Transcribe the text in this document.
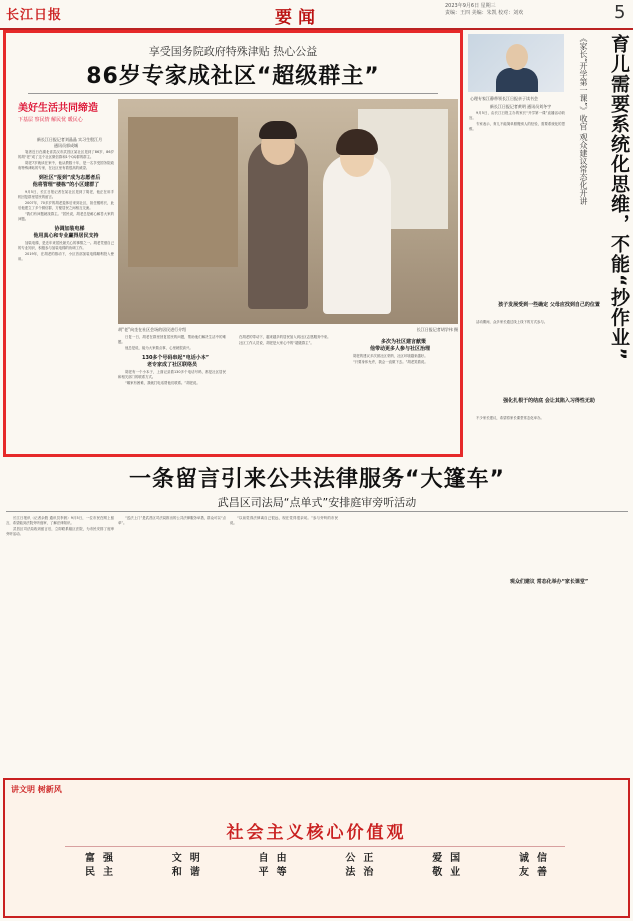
长江日报	要闻
2023年9月6日 星期三
责编：王四 美编：朱凯 校对：刘欢	5
享受国务院政府特殊津贴 热心公益
86岁专家成社区“超级群主”
美好生活共同缔造
下基层 察民情 解民忧 暖民心

新长江日报记者刘晶晶 实习生殷江月
通讯员郭成城

笔者近日在湖北省武汉市武昌区某社区见到了86岁、86岁的胡“老”成了这个社区微信群和1个QQ群的群主。

胡老7岁就读在家中，他从教数十年，是一名享受国务院政府特殊津贴的专家，在社区里有着很高的威望。

到社区“报到”成为志愿者后
他将管理“楼栋”的小区建群了

9月5日，长江日报记者在某社区见到了胡老，他正在用手机回复群里居民的留言。

2007年，70多岁的胡老退休后来到社区，担任楼栋长，此后他建立了多个微信群，方便居民之间相互交流。

“我们有问题就找群主。”居民说，胡老总是耐心解答大家的问题。

协调加装电梯
他用真心和专业赢得居民支持

加装电梯，是近年来居民最关心的事情之一。胡老凭借自己的专业知识，积极参与加装电梯的协调工作。

2019年，在胡老的推动下，小区首部加装电梯顺利投入使用。

胡“老”向坐在社区会场的居民进行介绍	长江日报记者胡学伟 摄

日复一日，胡老在群里回复居民的问题，帮助他们解决生活中的难题。

他总是说，能为大家做点事，心里就很高兴。

130多个号码串起“电话小本”
老专家成了社区联络员

胡老有一个小本子，上面记录着130多个电话号码，都是社区居民和相关部门的联系方式。

“哪家有困难，我就打电话帮他们联系。”胡老说。

在胡老的带动下，越来越多的居民加入到社区志愿服务中来。

社区工作人员说，胡老是大家心中的“超级群主”。	多次为社区建言献策
他带动更多人参与社区治理

胡老的建议多次被社区采纳，社区环境越来越好。

“只要身体允许，我会一直做下去。”胡老笑着说。

心理专家江静带领长江日报亲子读书会	《家长“开学第一课”》收官 观众建议常态化开讲	育儿需要系统化思维，不能“抄作业”

新长江日报记者黄明 通讯员刘冬宇

9月5日，由长江日报主办的家长“开学第一课”直播活动收官。

专家表示，育儿不能简单照搬别人的经验，需要系统化的思维。

孩子发展受到一些确定 父母应找到自己的位置

活动期间，众多家长通过线上线下的方式参与。

强化扎根于的结底 会让其陷入习得性无助

不少家长建议，希望将家长课堂常态化举办。

观众们建议 常态化举办“家长课堂”
一条留言引来公共法律服务“大篷车”
武昌区司法局“点单式”安排庭审旁听活动

长江日报讯（记者余胜 通讯员李晨）9月5日，一位市民在网上留言，希望能到法院旁听庭审，了解法律知识。

武昌区司法局收到留言后，立即联系辖区法院，为市民安排了庭审旁听活动。

“送法上门”是武昌区司法局推出的公共法律服务举措，群众可以“点单”。

“以前觉得法律离自己很远，现在觉得很亲切。”参与旁听的市民说。

讲文明 树新风
社会主义核心价值观
富强
民主
文明
和谐
自由
平等
公正
法治
爱国
敬业
诚信
友善
